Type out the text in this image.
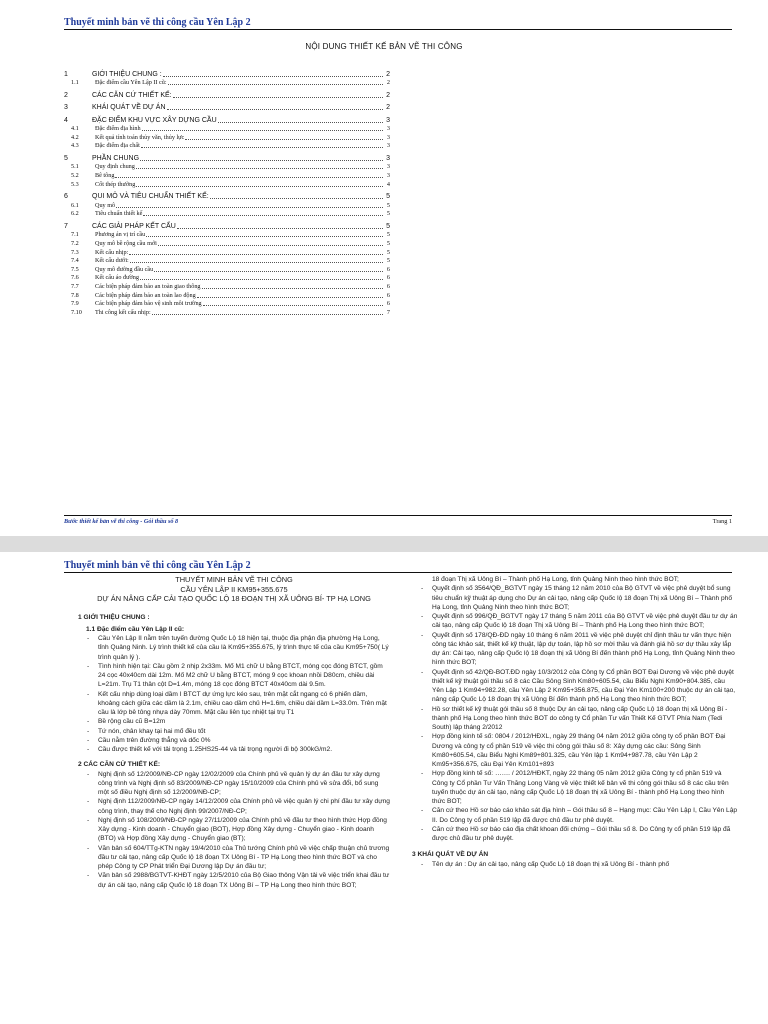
Thuyết minh bản vẽ thi công cầu Yên Lập 2
NỘI DUNG THIẾT KẾ BẢN VẼ THI CÔNG
1	GIỚI THIỆU CHUNG :	2
1.1	Đặc điểm cầu Yên Lập II cũ:	2
2	CÁC CĂN CỨ THIẾT KẾ:	2
3	KHÁI QUÁT VỀ DỰ ÁN	2
4	ĐẶC ĐIỂM KHU VỰC XÂY DỰNG CẦU	3
4.1	Đặc điểm địa hình	3
4.2	Kết quả tính toán thủy văn, thủy lực	3
4.3	Đặc điểm địa chất	3
5	PHẦN CHUNG	3
5.1	Quy định chung	3
5.2	Bê tông	3
5.3	Cốt thép thường	4
6	QUI MÔ VÀ TIÊU CHUẨN THIẾT KẾ:	5
6.1	Quy mô	5
6.2	Tiêu chuẩn thiết kế	5
7	CÁC GIẢI PHÁP KẾT CẤU	5
7.1	Phương án vị trí cầu	5
7.2	Quy mô bề rộng cầu mới	5
7.3	Kết cấu nhịp:	5
7.4	Kết cấu dưới:	5
7.5	Quy mô đường đầu cầu	6
7.6	Kết cấu áo đường	6
7.7	Các biện pháp đảm bảo an toàn giao thông	6
7.8	Các biện pháp đảm bảo an toàn lao động	6
7.9	Các biện pháp đảm bảo vệ sinh môi trường	6
7.10	Thi công kết cấu nhịp:	7
Bước thiết kế bản vẽ thi công - Gói thầu số 8	Trang 1
Thuyết minh bản vẽ thi công cầu Yên Lập 2
THUYẾT MINH BẢN VẼ THI CÔNG
CẦU YÊN LẬP II KM95+355.675
DỰ ÁN NÂNG CẤP CẢI TẠO QUỐC LỘ 18 ĐOẠN THỊ XÃ UÔNG BÍ- TP HẠ LONG
1 GIỚI THIỆU CHUNG :
1.1 Đặc điểm cầu Yên Lập II cũ:
- Cầu Yên Lập II nằm trên tuyến đường Quốc Lộ 18 hiện tại, thuộc địa phận địa phường Hạ Long, tỉnh Quảng Ninh. Lý trình thiết kế của cầu là Km95+355.675, lý trình thực tế của cầu Km95+750( Lý trình quản lý ).
- Tình hình hiện tại: Cầu gồm 2 nhịp 2x33m. Mố M1 chữ U bằng BTCT, móng cọc đóng BTCT, gồm 24 cọc 40x40cm dài 12m. Mố M2 chữ U bằng BTCT, móng 9 cọc khoan nhồi D80cm, chiều dài L=21m. Trụ T1 thân cột D=1.4m, móng 18 cọc đóng BTCT 40x40cm dài 9.5m.
- Kết cấu nhịp dùng loại dầm I BTCT dự ứng lực kéo sau, trên mặt cắt ngang có 6 phiến dầm, khoảng cách giữa các dầm là 2.1m, chiều cao dầm chủ H=1.6m, chiều dài dầm L=33.0m. Trên mặt cầu là lớp bê tông nhựa dày 70mm. Mặt cầu liên tục nhiệt tại trụ T1
- Bề rộng cầu cũ B=12m
- Tứ nón, chân khay tại hai mố đều tốt
- Cầu nằm trên đường thẳng và dốc 0%
- Cầu được thiết kế với tải trọng 1.25HS25-44 và tải trọng người đi bộ 300kG/m2.
2 CÁC CĂN CỨ THIẾT KẾ:
- Nghị định số 12/2009/NĐ-CP ngày 12/02/2009 của Chính phủ về quản lý dự án đầu tư xây dựng công trình và Nghị định số 83/2009/NĐ-CP ngày 15/10/2009 của Chính phủ về sửa đổi, bổ sung một số điều Nghị định số 12/2009/NĐ-CP;
- Nghị định 112/2009/NĐ-CP ngày 14/12/2009 của Chính phủ về việc quản lý chi phí đầu tư xây dựng công trình, thay thế cho Nghị định 99/2007/NĐ-CP;
- Nghị định số 108/2009/NĐ-CP ngày 27/11/2009 của Chính phủ về đầu tư theo hình thức Hợp đồng Xây dựng - Kinh doanh - Chuyển giao (BOT), Hợp đồng Xây dựng - Chuyển giao - Kinh doanh (BTO) và Hợp đồng Xây dựng - Chuyển giao (BT);
- Văn bản số 604/TTg-KTN ngày 19/4/2010 của Thủ tướng Chính phủ về việc chấp thuận chủ trương đầu tư cải tạo, nâng cấp Quốc lộ 18 đoạn TX Uông Bí - TP Hạ Long theo hình thức BOT và cho phép Công ty CP Phát triển Đại Dương lập Dự án đầu tư;
- Văn bản số 2988/BGTVT-KHĐT ngày 12/5/2010 của Bộ Giao thông Vận tải về việc triển khai đầu tư dự án cải tạo, nâng cấp Quốc lộ 18 đoạn TX Uông Bí – TP Hạ Long theo hình thức BOT;
18 đoạn Thị xã Uông Bí – Thành phố Hạ Long, tỉnh Quảng Ninh theo hình thức BOT;
- Quyết định số 3564/QĐ_BGTVT ngày 15 tháng 12 năm 2010 của Bộ GTVT về việc phê duyệt bổ sung tiêu chuẩn kỹ thuật áp dụng cho Dự án cải tạo, nâng cấp Quốc lộ 18 đoạn Thị xã Uông Bí – Thành phố Hạ Long, tỉnh Quảng Ninh theo hình thức BOT;
- Quyết định số 996/QĐ_BGTVT ngày 17 tháng 5 năm 2011 của Bộ GTVT về việc phê duyệt đầu tư dự án cải tạo, nâng cấp Quốc lộ 18 đoạn Thị xã Uông Bí – Thành phố Hạ Long theo hình thức BOT;
- Quyết định số 178/QĐ-ĐD ngày 10 tháng 6 năm 2011 về việc phê duyệt chỉ định thầu tư vấn thực hiện công tác khảo sát, thiết kế kỹ thuật, lập dự toán, lập hồ sơ mời thầu và đánh giá hồ sơ dự thầu xây lắp dự án: Cải tạo, nâng cấp Quốc lộ 18 đoạn thị xã Uông Bí đến thành phố Hạ Long, tỉnh Quảng Ninh theo hình thức BOT;
- Quyết định số 42/QĐ-BOT.ĐD ngày 10/3/2012 của Công ty Cổ phần BOT Đại Dương về việc phê duyệt thiết kế kỹ thuật gói thầu số 8 các Cầu Sông Sinh Km80+605.54, cầu Biểu Nghi Km90+804.385, cầu Yên Lập 1 Km94+982.28, cầu Yên Lập 2 Km95+356.875, cầu Đại Yên Km100+200 thuộc dự án cải tạo, nâng cấp Quốc Lộ 18 đoạn thị xã Uông Bí đến thành phố Hạ Long theo hình thức BOT;
- Hồ sơ thiết kế kỹ thuật gói thầu số 8 thuộc Dự án cải tạo, nâng cấp Quốc Lộ 18 đoạn thị xã Uông Bí - thành phố Hạ Long theo hình thức BOT do công ty Cổ phần Tư vấn Thiết Kế GTVT Phía Nam (Tedi South) lập tháng 2/2012
- Hợp đồng kinh tế số: 0804 / 2012/HĐXL, ngày 29 tháng 04 năm 2012 giữa công ty cổ phần BOT Đại Dương và công ty cổ phần 519 về việc thi công gói thầu số 8: Xây dựng các cầu: Sông Sinh Km80+605.54, cầu Biểu Nghi Km89+801.325, cầu Yên lập 1 Km94+987.78, cầu Yên Lập 2 Km95+356.675, cầu Đại Yên Km101+893
- Hợp đồng kinh tế số: ……. / 2012/HĐKT, ngày 22 tháng 05 năm 2012 giữa Công ty cổ phần 519 và Công ty Cổ phần Tư Vấn Thăng Long Vàng về việc thiết kế bản vẽ thi công gói thầu số 8 các cầu trên tuyến thuộc dự án cải tạo, nâng cấp Quốc Lộ 18 đoạn thị xã Uông Bí - thành phố Hạ Long theo hình thức BOT;
- Căn cứ theo Hồ sơ báo cáo khảo sát địa hình – Gói thầu số 8 – Hạng mục: Cầu Yên Lập I, Cầu Yên Lập II. Do Công ty cổ phần 519 lập đã được chủ đầu tư phê duyệt.
- Căn cứ theo Hồ sơ báo cáo địa chất khoan đối chứng – Gói thầu số 8. Do Công ty cổ phần 519 lập đã được chủ đầu tư phê duyệt.
3 KHÁI QUÁT VỀ DỰ ÁN
- Tên dự án : Dự án cải tạo, nâng cấp Quốc Lộ 18 đoạn thị xã Uông Bí - thành phố
